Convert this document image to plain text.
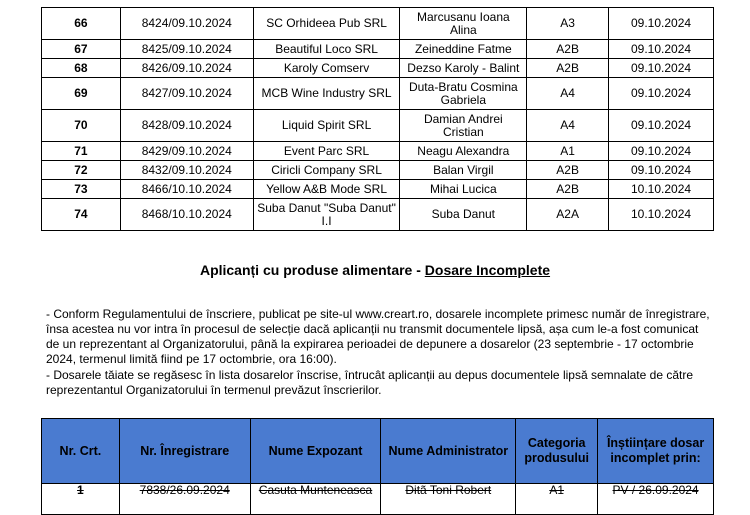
66	8424/09.10.2024	SC Orhideea Pub SRL	Marcusanu Ioana Alina	A3	09.10.2024
67	8425/09.10.2024	Beautiful Loco SRL	Zeineddine Fatme	A2B	09.10.2024
68	8426/09.10.2024	Karoly Comserv	Dezso Karoly - Balint	A2B	09.10.2024
69	8427/09.10.2024	MCB Wine Industry SRL	Duta-Bratu Cosmina Gabriela	A4	09.10.2024
70	8428/09.10.2024	Liquid Spirit SRL	Damian Andrei Cristian	A4	09.10.2024
71	8429/09.10.2024	Event Parc SRL	Neagu Alexandra	A1	09.10.2024
72	8432/09.10.2024	Ciricli Company SRL	Balan Virgil	A2B	09.10.2024
73	8466/10.10.2024	Yellow A&B Mode SRL	Mihai Lucica	A2B	10.10.2024
74	8468/10.10.2024	Suba Danut "Suba Danut" I.I	Suba Danut	A2A	10.10.2024
Aplicanți cu produse alimentare - Dosare Incomplete

- Conform Regulamentului de înscriere, publicat pe site-ul www.creart.ro, dosarele incomplete primesc număr de înregistrare, însa acestea nu vor intra în procesul de selecție dacă aplicanții nu transmit documentele lipsă, așa cum le-a fost comunicat de un reprezentant al Organizatorului, până la expirarea perioadei de depunere a dosarelor (23 septembrie - 17 octombrie 2024, termenul limită fiind pe 17 octombrie, ora 16:00).

- Dosarele tăiate se regăsesc în lista dosarelor înscrise, întrucât aplicanții au depus documentele lipsă semnalate de către reprezentantul Organizatorului în termenul prevăzut înscrierilor.

Nr. Crt.	Nr. Înregistrare	Nume Expozant	Nume Administrator	Categoria produsului	Înștiințare dosar incomplet prin:
1	7838/26.09.2024	Casuta Munteneasca	Ditã Toni Robert	A1	PV / 26.09.2024
